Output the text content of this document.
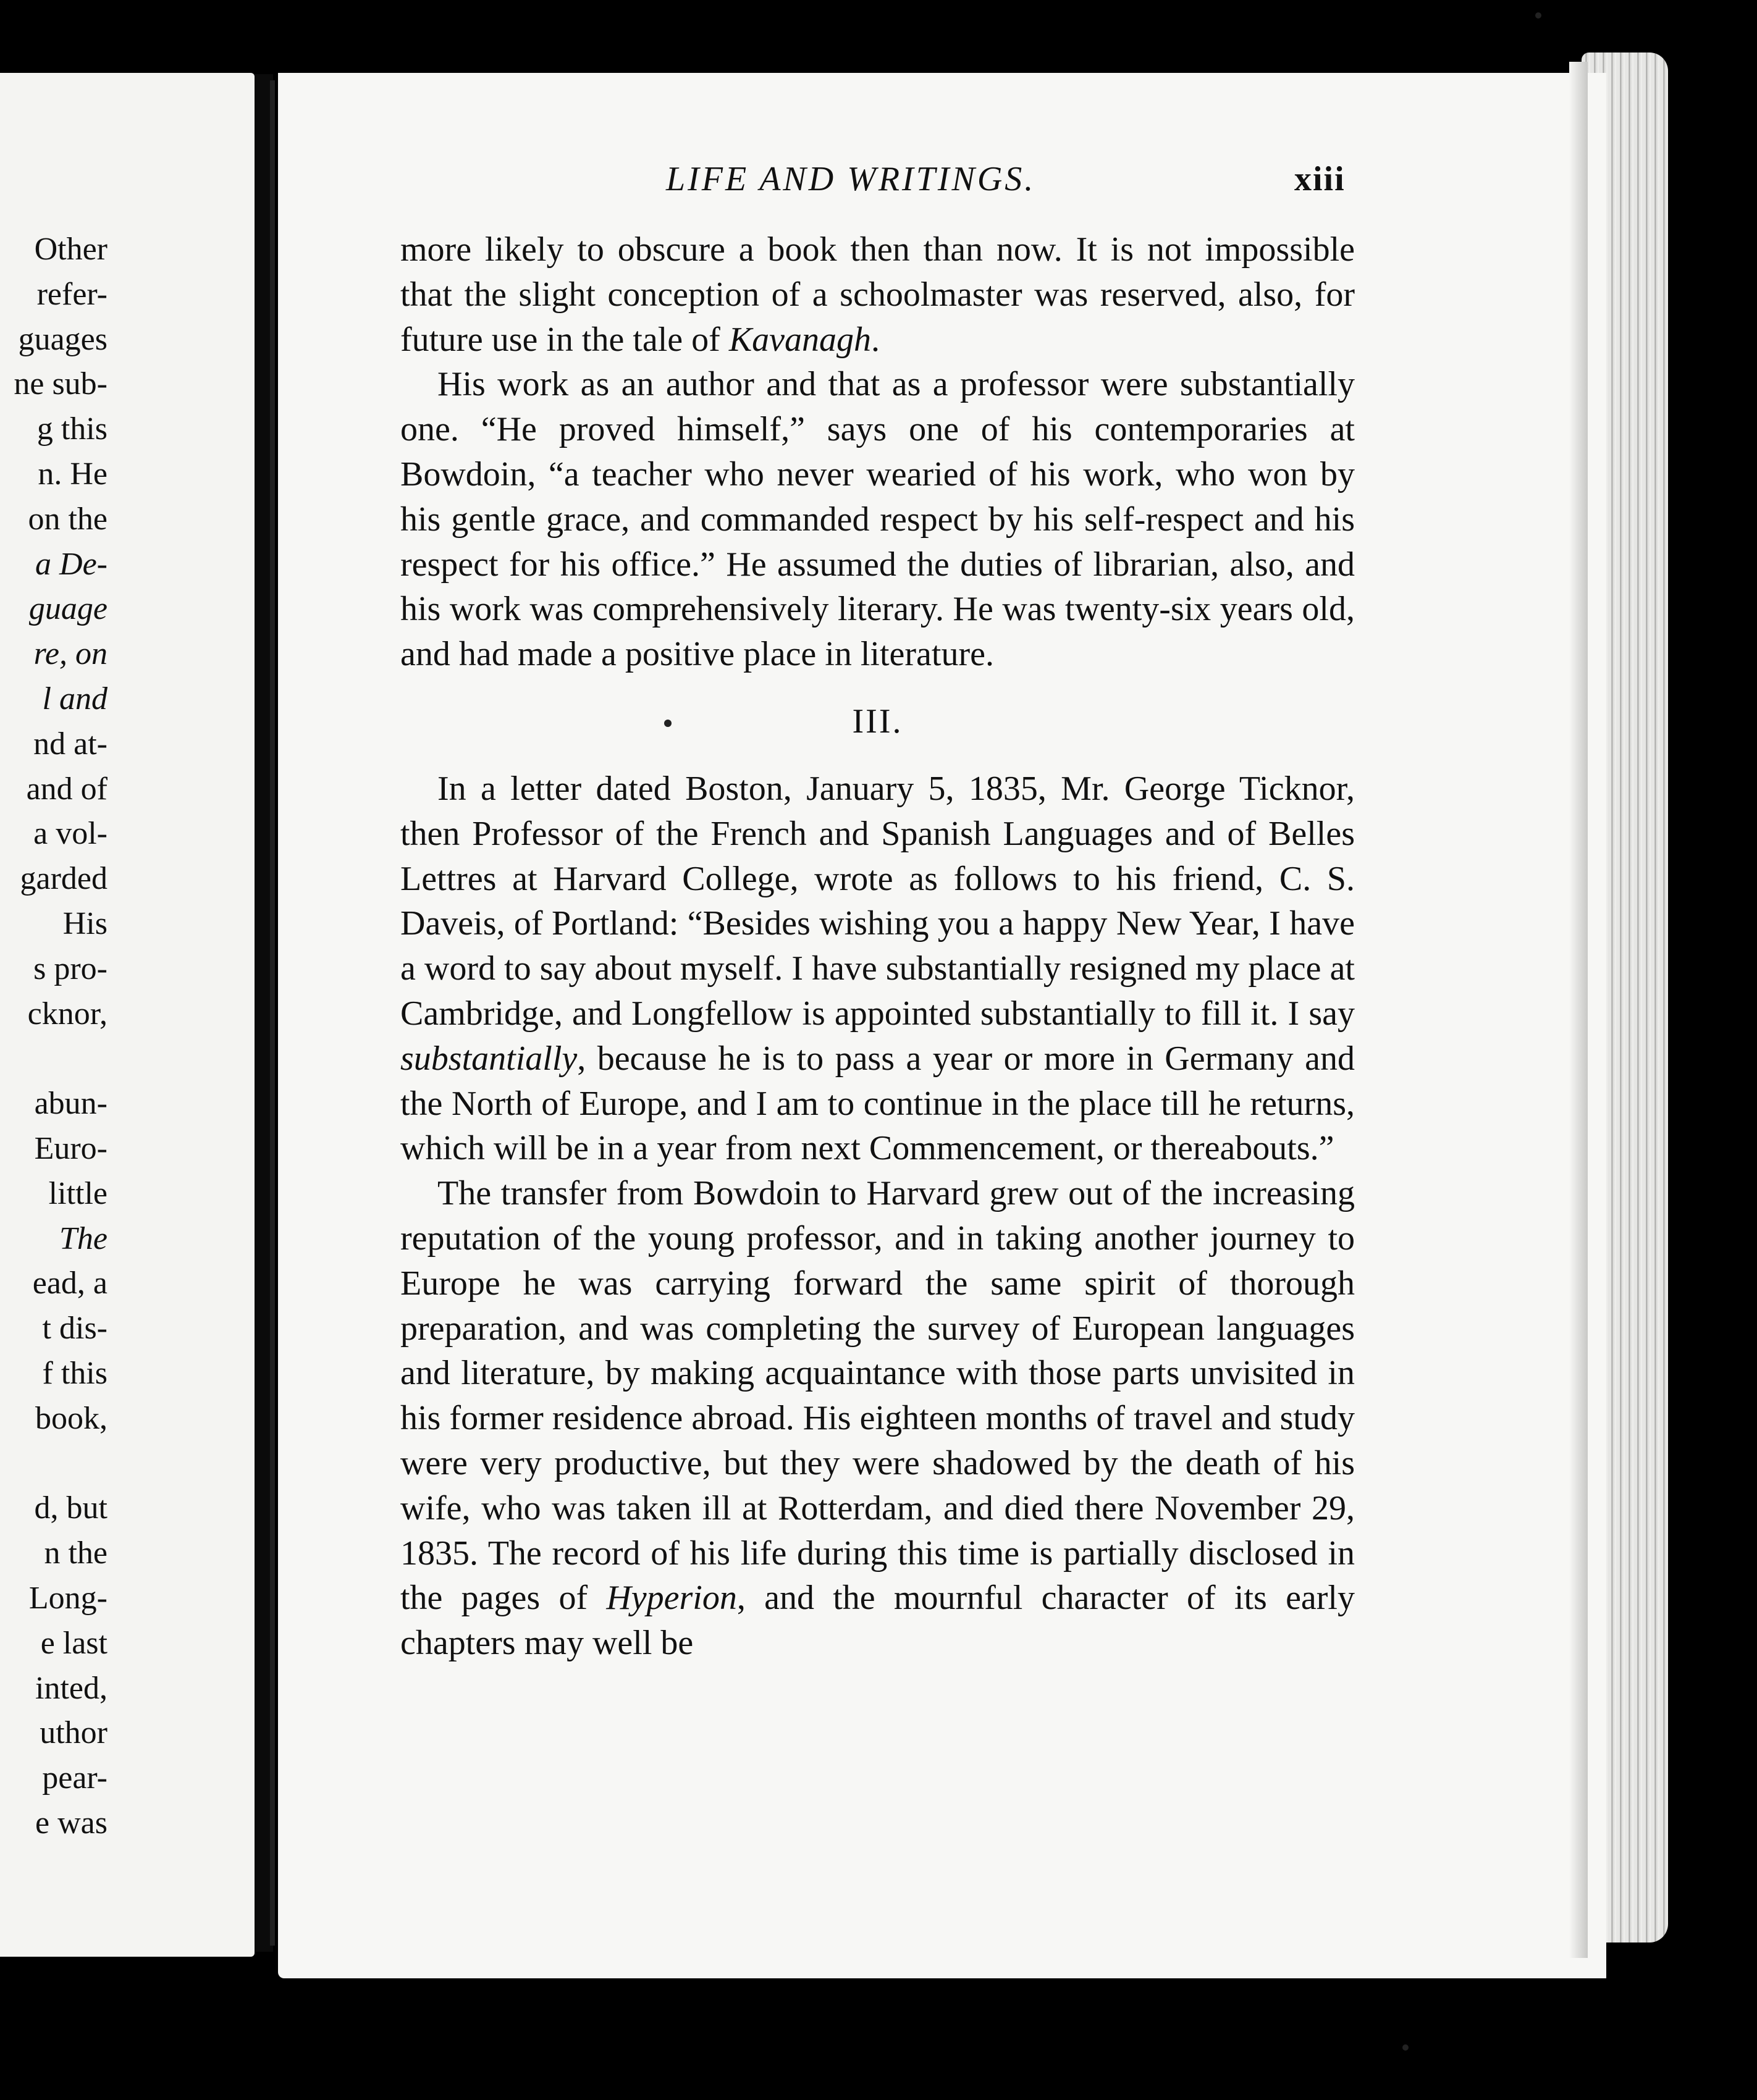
Other
refer-
guages
ne sub-
g this
n. He
on the
a De-
guage
re, on
l and
nd at-
and of
a vol-
garded
His
s pro-
cknor,
abun-
Euro-
little
The
ead, a
t dis-
f this
book,
d, but
n the
Long-
e last
inted,
uthor
pear-
e was
LIFE AND WRITINGS.	xiii

more likely to obscure a book then than now. It is not impossible that the slight conception of a schoolmaster was reserved, also, for future use in the tale of Kavanagh.

His work as an author and that as a professor were substantially one. “He proved himself,” says one of his contemporaries at Bowdoin, “a teacher who never wearied of his work, who won by his gentle grace, and commanded respect by his self-respect and his respect for his office.” He assumed the duties of librarian, also, and his work was comprehensively literary. He was twenty-six years old, and had made a positive place in literature.

III.

In a letter dated Boston, January 5, 1835, Mr. George Ticknor, then Professor of the French and Spanish Languages and of Belles Lettres at Harvard College, wrote as follows to his friend, C. S. Daveis, of Portland: “Besides wishing you a happy New Year, I have a word to say about myself. I have substantially resigned my place at Cambridge, and Longfellow is appointed substantially to fill it. I say substantially, because he is to pass a year or more in Germany and the North of Europe, and I am to continue in the place till he returns, which will be in a year from next Commencement, or thereabouts.”

The transfer from Bowdoin to Harvard grew out of the increasing reputation of the young professor, and in taking another journey to Europe he was carrying forward the same spirit of thorough preparation, and was completing the survey of European languages and literature, by making acquaintance with those parts unvisited in his former residence abroad. His eighteen months of travel and study were very productive, but they were shadowed by the death of his wife, who was taken ill at Rotterdam, and died there November 29, 1835. The record of his life during this time is partially disclosed in the pages of Hyperion, and the mournful character of its early chapters may well be
